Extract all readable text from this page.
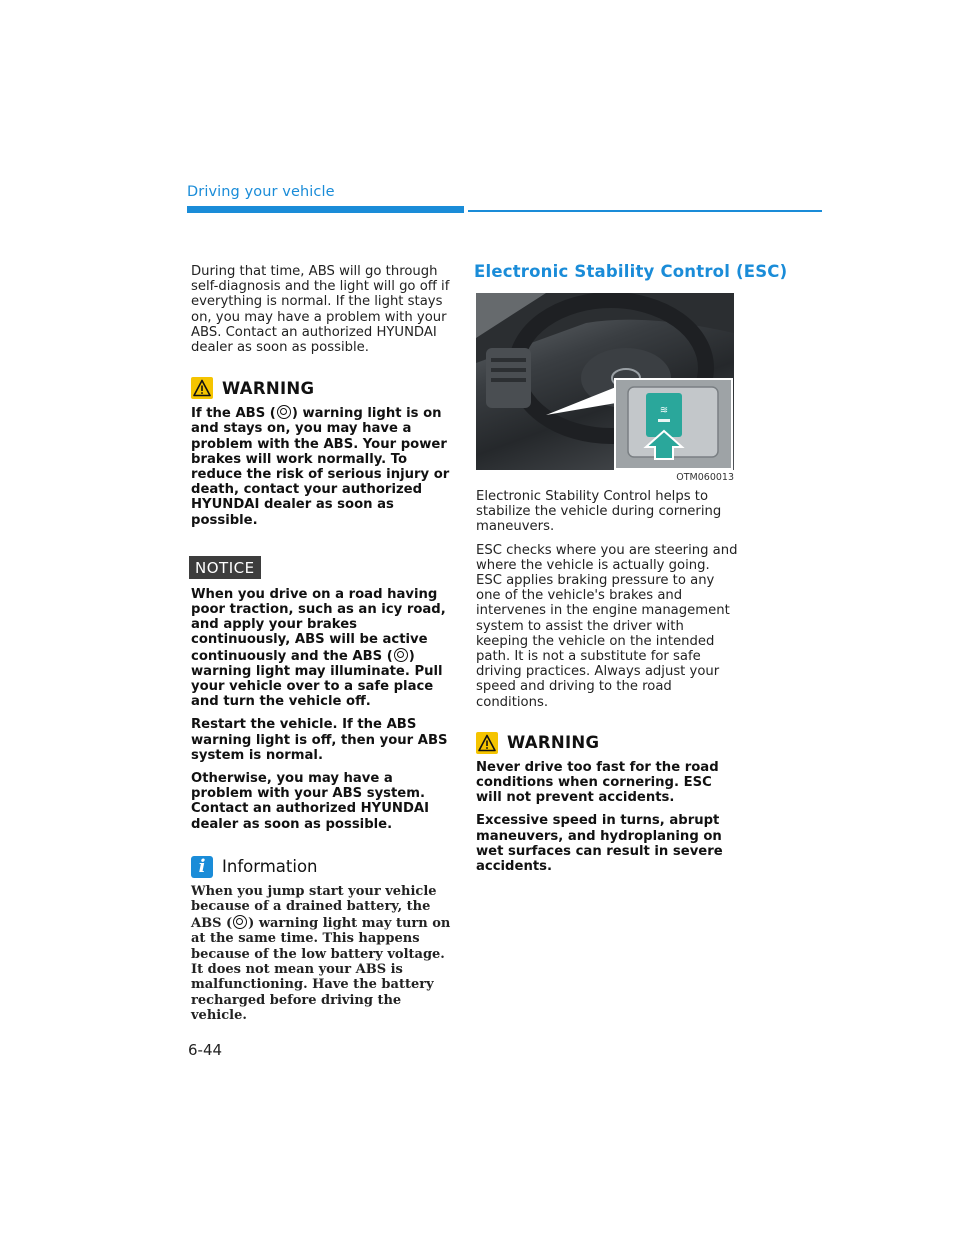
Driving your vehicle

During that time, ABS will go through self-diagnosis and the light will go off if everything is normal. If the light stays on, you may have a problem with your ABS. Contact an authorized HYUNDAI dealer as soon as possible.

WARNING

If the ABS ( ) warning light is on and stays on, you may have a problem with the ABS. Your power brakes will work normally. To reduce the risk of serious injury or death, contact your authorized HYUNDAI dealer as soon as possible.

NOTICE

When you drive on a road having poor traction, such as an icy road, and apply your brakes continuously, ABS will be active continuously and the ABS ( ) warning light may illuminate. Pull your vehicle over to a safe place and turn the vehicle off.

Restart the vehicle. If the ABS warning light is off, then your ABS system is normal.

Otherwise, you may have a problem with your ABS system. Contact an authorized HYUNDAI dealer as soon as possible.

i	Information

When you jump start your vehicle because of a drained battery, the ABS ( ) warning light may turn on at the same time. This happens because of the low battery voltage. It does not mean your ABS is malfunctioning. Have the battery recharged before driving the vehicle.

Electronic Stability Control (ESC)
≋
OTM060013

Electronic Stability Control helps to stabilize the vehicle during cornering maneuvers.

ESC checks where you are steering and where the vehicle is actually going. ESC applies braking pressure to any one of the vehicle's brakes and intervenes in the engine management system to assist the driver with keeping the vehicle on the intended path. It is not a substitute for safe driving practices. Always adjust your speed and driving to the road conditions.

WARNING

Never drive too fast for the road conditions when cornering. ESC will not prevent accidents.

Excessive speed in turns, abrupt maneuvers, and hydroplaning on wet surfaces can result in severe accidents.

6-44
